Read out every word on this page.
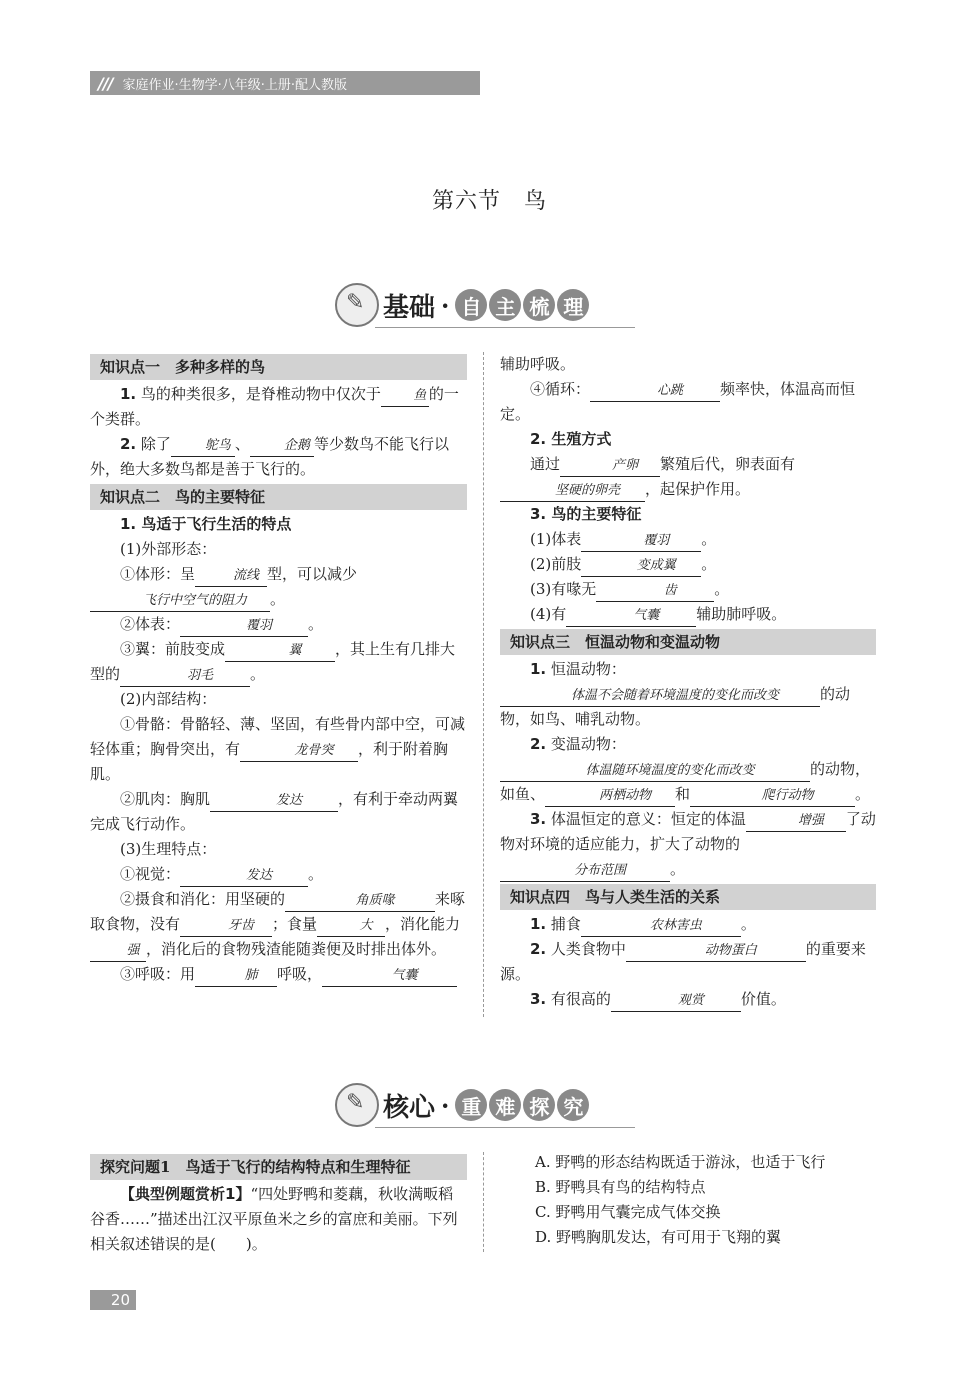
/// 家庭作业·生物学·八年级·上册·配人教版
第六节　鸟
✎
基础 · 自 主 梳 理
知识点一　多种多样的鸟
1. 鸟的种类很多，是脊椎动物中仅次于 鱼 的一个类群。
2. 除了	鸵鸟 、	企鹅 等少数鸟不能飞行以外，绝大多数鸟都是善于飞行的。
知识点二　鸟的主要特征
1. 鸟适于飞行生活的特点
(1)外部形态：
①体形：呈	流线 型，可以减少飞行中空气的阻力 。
②体表：	覆羽 。
③翼：前肢变成	翼 ，其上生有几排大型的	羽毛 。
(2)内部结构：
①骨骼：骨骼轻、薄、坚固，有些骨内部中空，可减轻体重；胸骨突出，有	龙骨突 ，利于附着胸肌。
②肌肉：胸肌	发达 ，有利于牵动两翼完成飞行动作。
(3)生理特点：
①视觉：	发达 。
②摄食和消化：用坚硬的	角质喙	来啄取食物，没有	牙齿 ；食量	大 ，消化能力强 ，消化后的食物残渣能随粪便及时排出体外。
③呼吸：用	肺 呼吸，	气囊
辅助呼吸。
④循环：	心跳 频率快，体温高而恒定。
2. 生殖方式
通过	产卵 繁殖后代，卵表面有坚硬的卵壳 ，起保护作用。
3. 鸟的主要特征
(1)体表	覆羽 。
(2)前肢	变成翼 。
(3)有喙无	齿	。
(4)有	气囊 辅助肺呼吸。
知识点三　恒温动物和变温动物
1. 恒温动物：体温不会随着环境温度的变化而改变	的动物，如鸟、哺乳动物。
2. 变温动物：体温随环境温度的变化而改变	的动物，如鱼、	两栖动物 和	爬行动物	。
3. 体温恒定的意义：恒定的体温	增强 了动物对环境的适应能力，扩大了动物的分布范围	。
知识点四　鸟与人类生活的关系
1. 捕食	农林害虫	。
2. 人类食物中	动物蛋白	的重要来源。
3. 有很高的	观赏 价值。
✎
核心 · 重 难 探 究
探究问题1　鸟适于飞行的结构特点和生理特征
【典型例题赏析1】“四处野鸭和菱藕，秋收满畈稻谷香……”描述出江汉平原鱼米之乡的富庶和美丽。下列相关叙述错误的是(　　)。
A. 野鸭的形态结构既适于游泳，也适于飞行
B. 野鸭具有鸟的结构特点
C. 野鸭用气囊完成气体交换
D. 野鸭胸肌发达，有可用于飞翔的翼
20
